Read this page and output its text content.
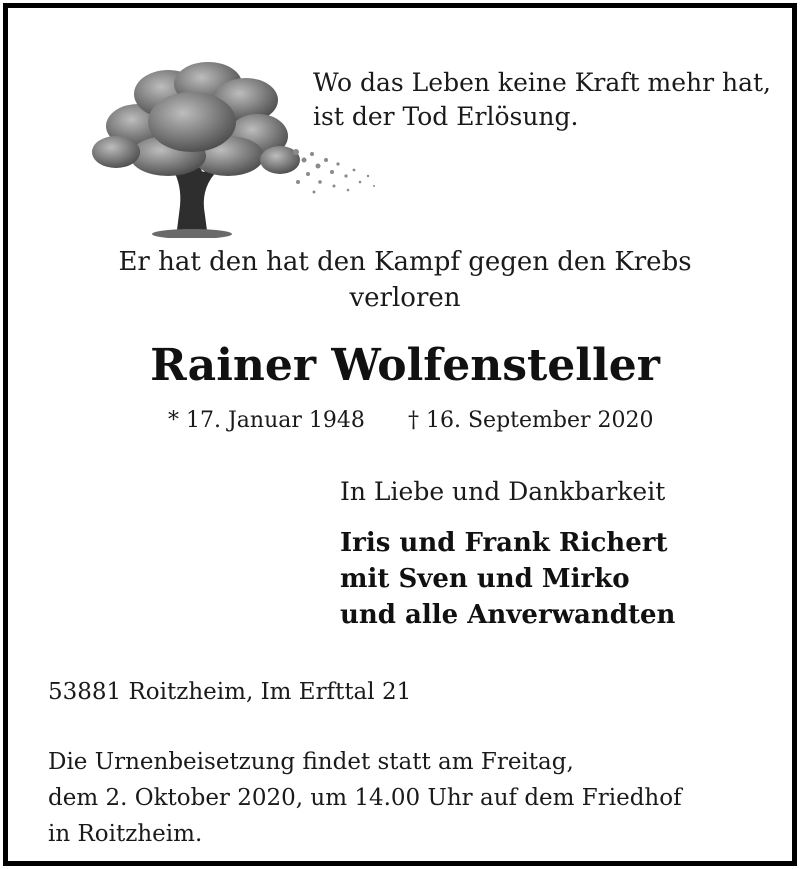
Wo das Leben keine Kraft mehr hat,
ist der Tod Erlösung.
Er hat den hat den Kampf gegen den Krebs
verloren
Rainer Wolfensteller
* 17. Januar 1948 † 16. September 2020
In Liebe und Dankbarkeit
Iris und Frank Richert
mit Sven und Mirko
und alle Anverwandten
53881 Roitzheim, Im Erfttal 21
Die Urnenbeisetzung findet statt am Freitag,
dem 2. Oktober 2020, um 14.00 Uhr auf dem Friedhof
in Roitzheim.
